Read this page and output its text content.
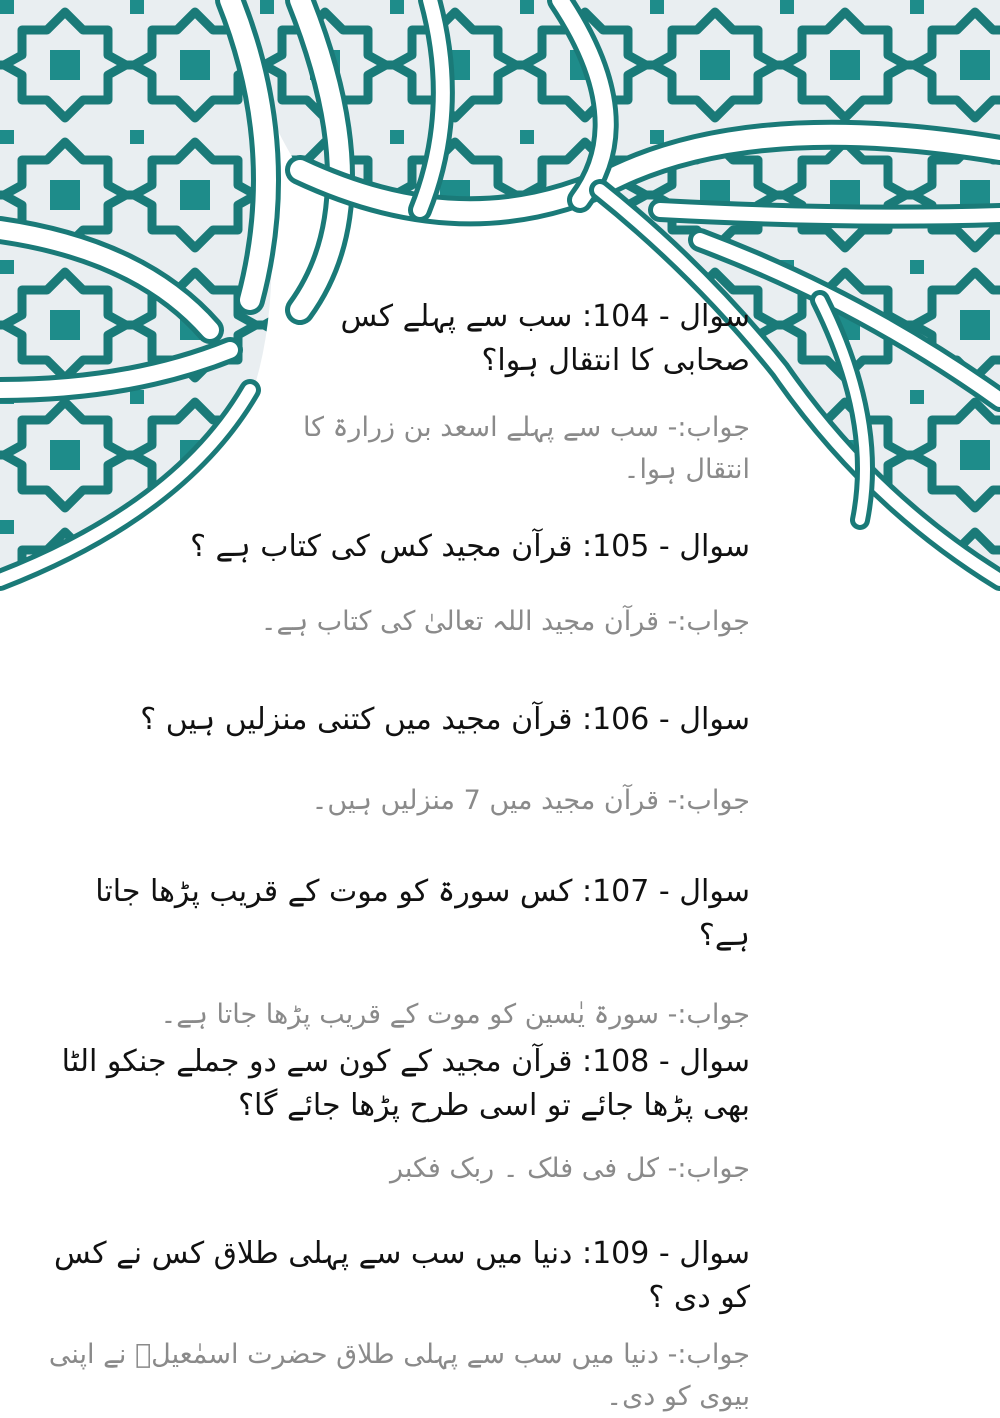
سوال - 104: سب سے پہلے کس صحابی کا انتقال ہوا؟

جواب:- سب سے پہلے اسعد بن زرارۃ کا انتقال ہوا۔

سوال - 105: قرآن مجید کس کی کتاب ہے ؟

جواب:- قرآن مجید اللہ تعالیٰ کی کتاب ہے۔

سوال - 106: قرآن مجید میں کتنی منزلیں ہیں ؟

جواب:- قرآن مجید میں 7 منزلیں ہیں۔

سوال - 107: کس سورۃ کو موت کے قریب پڑھا جاتا ہے؟

جواب:- سورۃ یٰسین کو موت کے قریب پڑھا جاتا ہے۔

سوال - 108: قرآن مجید کے کون سے دو جملے جنکو الٹا بھی پڑھا جائے تو اسی طرح پڑھا جائے گا؟

جواب:- کل فی فلک ۔ ربک فکبر

سوال - 109: دنیا میں سب سے پہلی طلاق کس نے کس کو دی ؟

جواب:- دنیا میں سب سے پہلی طلاق حضرت اسمٰعیلؑ نے اپنی بیوی کو دی۔
